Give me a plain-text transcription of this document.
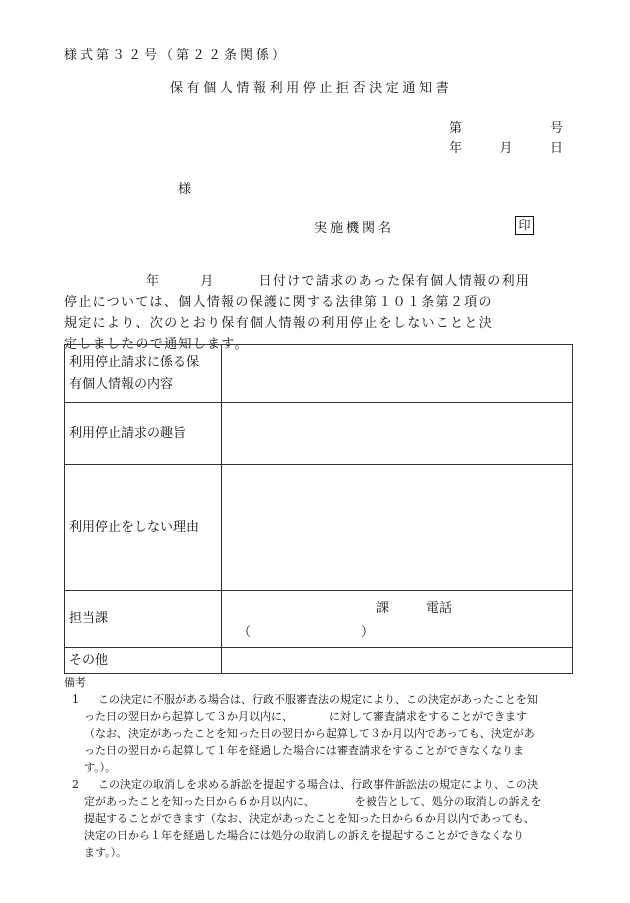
様式第３２号（第２２条関係）
保有個人情報利用停止拒否決定通知書
第	号
年	月	日
様
実施機関名	印
年	月	日付けで請求のあった保有個人情報の利用
停止については、個人情報の保護に関する法律第１０１条第２項の
規定により、次のとおり保有個人情報の利用停止をしないことと決
定しましたので通知します。
利用停止請求に係る保
有個人情報の内容	
利用停止請求の趣旨	
利用停止をしない理由	
担当課	課 電話
（ ）

その他	
備考
1	この決定に不服がある場合は、行政不服審査法の規定により、この決定があったことを知
った日の翌日から起算して３か月以内に、	に対して審査請求をすることができます
（なお、決定があったことを知った日の翌日から起算して３か月以内であっても、決定があ
った日の翌日から起算して１年を経過した場合には審査請求をすることができなくなりま
す。）。
2	この決定の取消しを求める訴訟を提起する場合は、行政事件訴訟法の規定により、この決
定があったことを知った日から６か月以内に、	を被告として、処分の取消しの訴えを
提起することができます（なお、決定があったことを知った日から６か月以内であっても、
決定の日から１年を経過した場合には処分の取消しの訴えを提起することができなくなり
ます。）。
